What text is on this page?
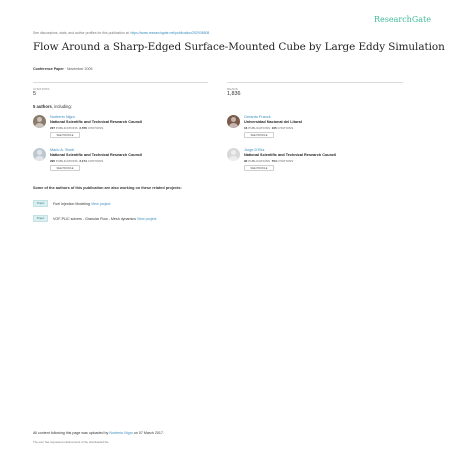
See discussions, stats, and author profiles for this publication at: https://www.researchgate.net/publication/252936508
ResearchGate
Flow Around a Sharp-Edged Surface-Mounted Cube by Large Eddy Simulation
Conference Paper · November 2005
CITATIONS
5
READS
1,836
5 authors, including:
Norberto Nigro
National Scientific and Technical Research Council
237 PUBLICATIONS 2,576 CITATIONS
SEE PROFILE
Gerardo Franck
Universidad Nacional del Litoral
16 PUBLICATIONS 105 CITATIONS
SEE PROFILE
Mario A. Storti
National Scientific and Technical Research Council
295 PUBLICATIONS 2,174 CITATIONS
SEE PROFILE
Jorge D'Elia
National Scientific and Technical Research Council
90 PUBLICATIONS 754 CITATIONS
SEE PROFILE
Some of the authors of this publication are also working on these related projects:
Project	Fuel Injection Modeling View project
Project	VOF-PLIC solvers - Granular Flow - Mesh dynamics View project
All content following this page was uploaded by Norberto Nigro on 07 March 2017.
The user has requested enhancement of the downloaded file.
